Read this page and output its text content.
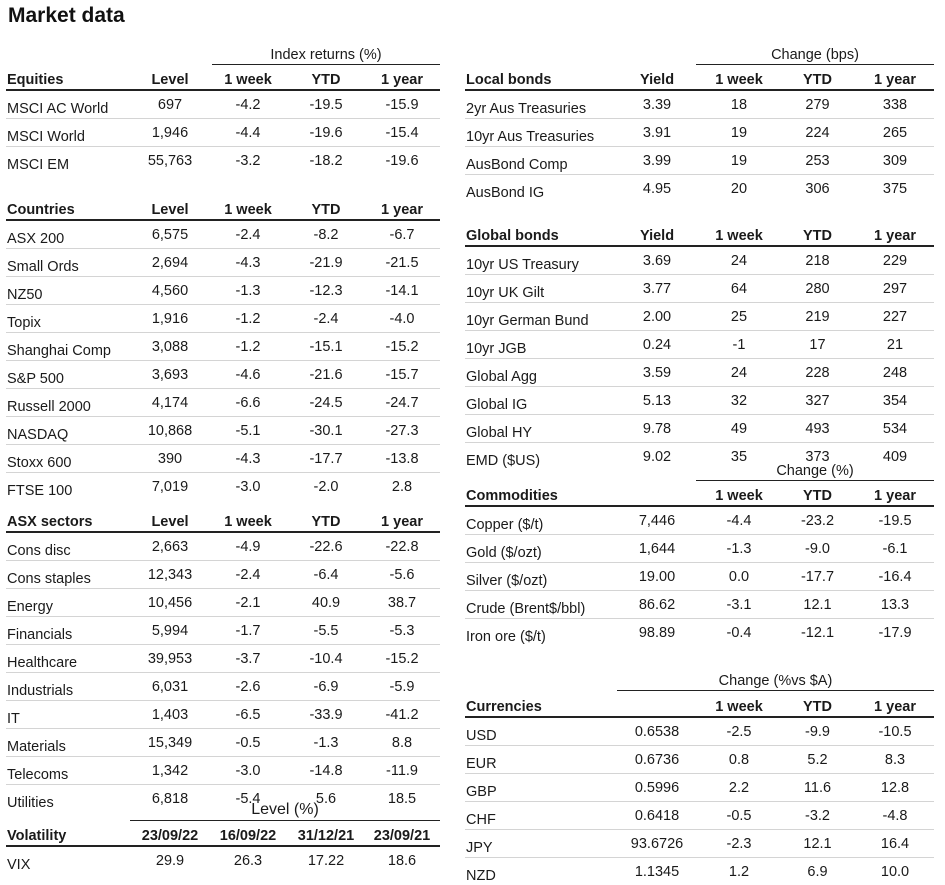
Market data
Index returns (%)
Equities	Level	1 week	YTD	1 year
MSCI AC World	697	-4.2	-19.5	-15.9
MSCI World	1,946	-4.4	-19.6	-15.4
MSCI EM	55,763	-3.2	-18.2	-19.6
Countries	Level	1 week	YTD	1 year
ASX 200	6,575	-2.4	-8.2	-6.7
Small Ords	2,694	-4.3	-21.9	-21.5
NZ50	4,560	-1.3	-12.3	-14.1
Topix	1,916	-1.2	-2.4	-4.0
Shanghai Comp	3,088	-1.2	-15.1	-15.2
S&P 500	3,693	-4.6	-21.6	-15.7
Russell 2000	4,174	-6.6	-24.5	-24.7
NASDAQ	10,868	-5.1	-30.1	-27.3
Stoxx 600	390	-4.3	-17.7	-13.8
FTSE 100	7,019	-3.0	-2.0	2.8
ASX sectors	Level	1 week	YTD	1 year
Cons disc	2,663	-4.9	-22.6	-22.8
Cons staples	12,343	-2.4	-6.4	-5.6
Energy	10,456	-2.1	40.9	38.7
Financials	5,994	-1.7	-5.5	-5.3
Healthcare	39,953	-3.7	-10.4	-15.2
Industrials	6,031	-2.6	-6.9	-5.9
IT	1,403	-6.5	-33.9	-41.2
Materials	15,349	-0.5	-1.3	8.8
Telecoms	1,342	-3.0	-14.8	-11.9
Utilities	6,818	-5.4	5.6	18.5
Level (%)
Volatility	23/09/22	16/09/22	31/12/21	23/09/21
VIX	29.9	26.3	17.22	18.6
Change (bps)
Local bonds	Yield	1 week	YTD	1 year
2yr Aus Treasuries	3.39	18	279	338
10yr Aus Treasuries	3.91	19	224	265
AusBond Comp	3.99	19	253	309
AusBond IG	4.95	20	306	375
Global bonds	Yield	1 week	YTD	1 year
10yr US Treasury	3.69	24	218	229
10yr UK Gilt	3.77	64	280	297
10yr German Bund	2.00	25	219	227
10yr JGB	0.24	-1	17	21
Global Agg	3.59	24	228	248
Global IG	5.13	32	327	354
Global HY	9.78	49	493	534
EMD ($US)	9.02	35	373	409
Change (%)
Commodities		1 week	YTD	1 year
Copper ($/t)	7,446	-4.4	-23.2	-19.5
Gold ($/ozt)	1,644	-1.3	-9.0	-6.1
Silver ($/ozt)	19.00	0.0	-17.7	-16.4
Crude (Brent$/bbl)	86.62	-3.1	12.1	13.3
Iron ore ($/t)	98.89	-0.4	-12.1	-17.9
Change (%vs $A)
Currencies		1 week	YTD	1 year
USD	0.6538	-2.5	-9.9	-10.5
EUR	0.6736	0.8	5.2	8.3
GBP	0.5996	2.2	11.6	12.8
CHF	0.6418	-0.5	-3.2	-4.8
JPY	93.6726	-2.3	12.1	16.4
NZD	1.1345	1.2	6.9	10.0
